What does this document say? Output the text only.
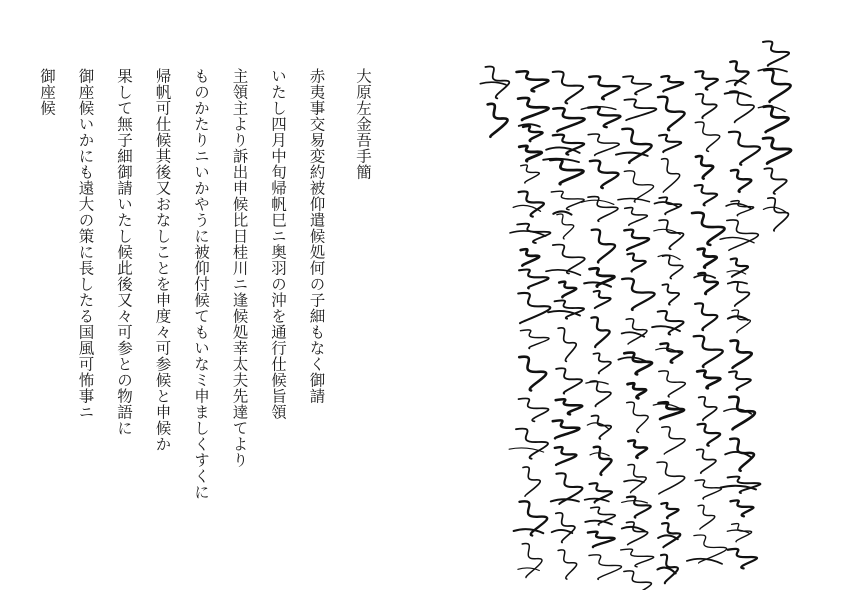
大原左金吾手簡
赤夷事交易変約被仰遣候処何の子細もなく御請
いたし四月中旬帰帆巳ニ奥羽の沖を通行仕候旨領
主領主より訴出申候比日桂川ニ逢候処幸太夫先達てより
ものかたりニいかやうに被仰付候てもいなミ申ましくすくに
帰帆可仕候其後又おなしことを申度々可参候と申候か
果して無子細御請いたし候此後又々可参との物語に
御座候いかにも遠大の策に長したる国風可怖事ニ
御座候
